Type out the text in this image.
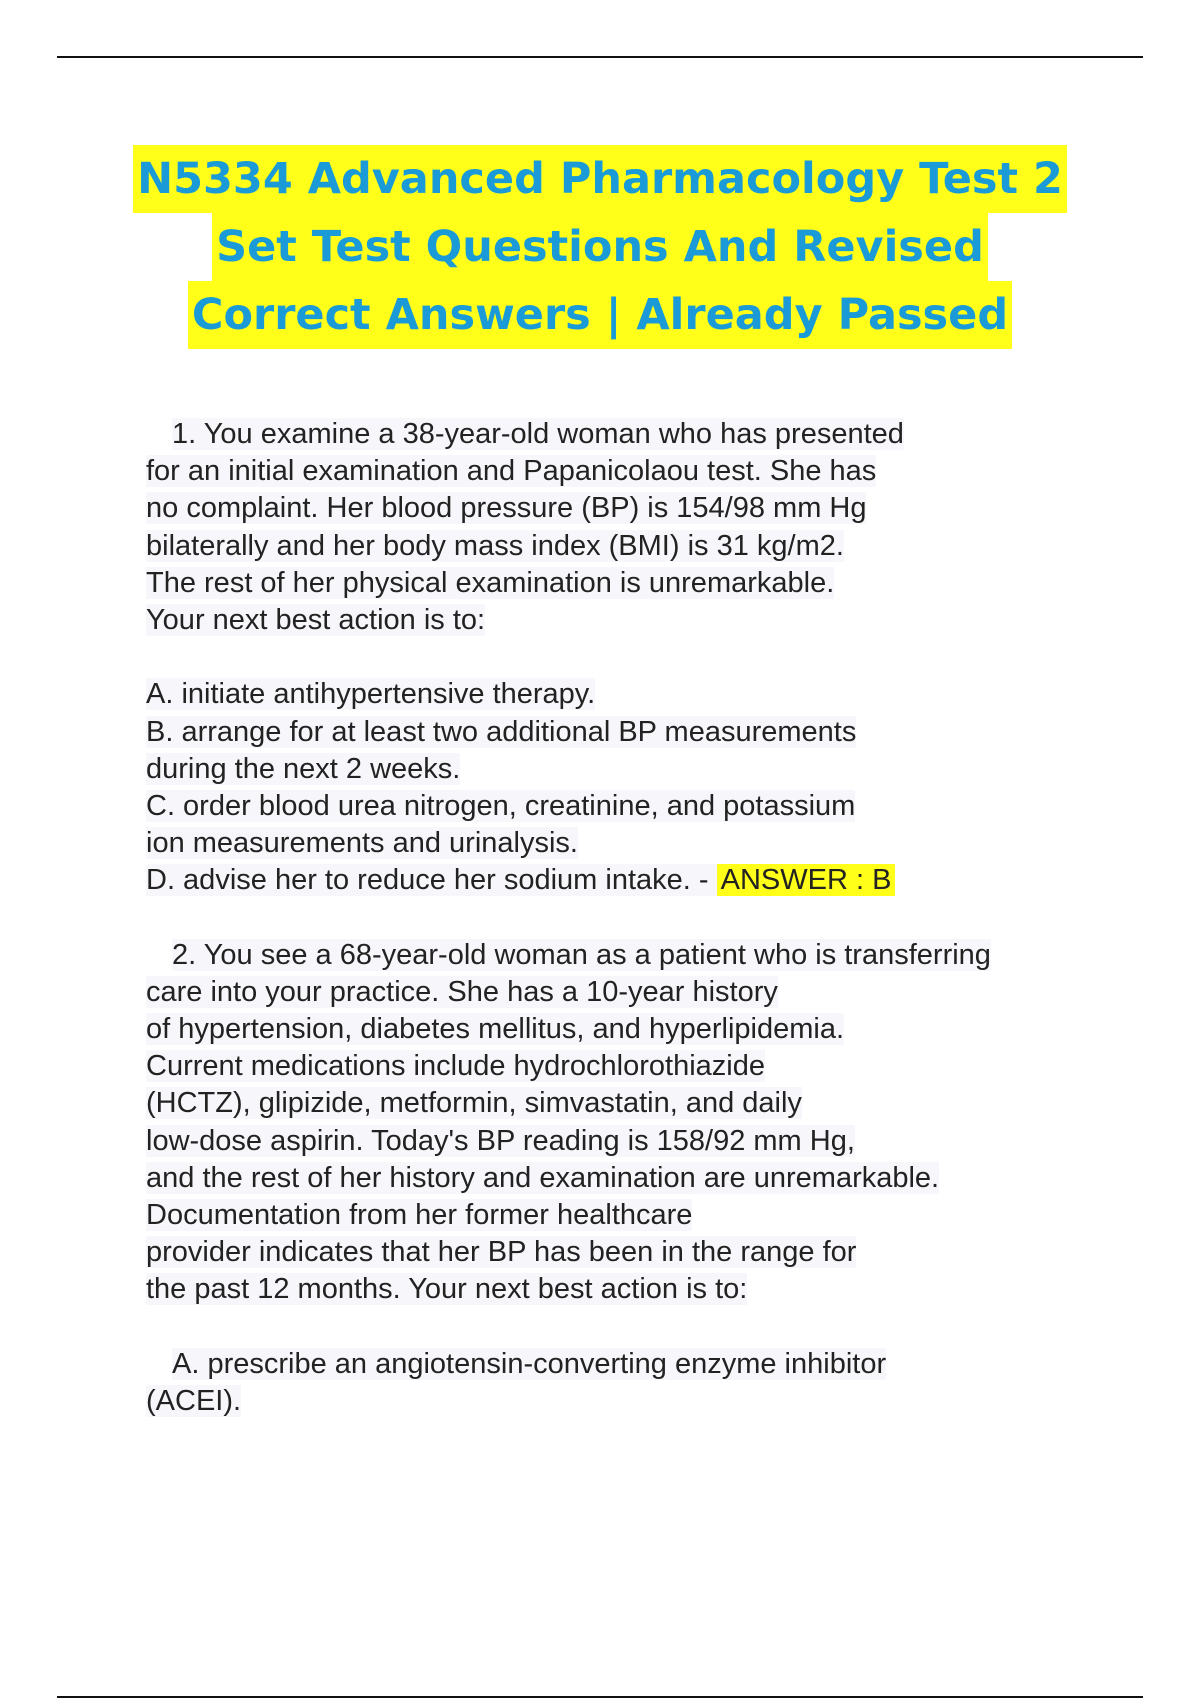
N5334 Advanced Pharmacology Test 2
Set Test Questions And Revised
Correct Answers | Already Passed
1. You examine a 38-year-old woman who has presented
for an initial examination and Papanicolaou test. She has
no complaint. Her blood pressure (BP) is 154/98 mm Hg
bilaterally and her body mass index (BMI) is 31 kg/m2.
The rest of her physical examination is unremarkable.
Your next best action is to:
A. initiate antihypertensive therapy.
B. arrange for at least two additional BP measurements
during the next 2 weeks.
C. order blood urea nitrogen, creatinine, and potassium
ion measurements and urinalysis.
D. advise her to reduce her sodium intake. - ANSWER : B
2. You see a 68-year-old woman as a patient who is transferring
care into your practice. She has a 10-year history
of hypertension, diabetes mellitus, and hyperlipidemia.
Current medications include hydrochlorothiazide
(HCTZ), glipizide, metformin, simvastatin, and daily
low-dose aspirin. Today's BP reading is 158/92 mm Hg,
and the rest of her history and examination are unremarkable.
Documentation from her former healthcare
provider indicates that her BP has been in the range for
the past 12 months. Your next best action is to:
A. prescribe an angiotensin-converting enzyme inhibitor
(ACEI).
